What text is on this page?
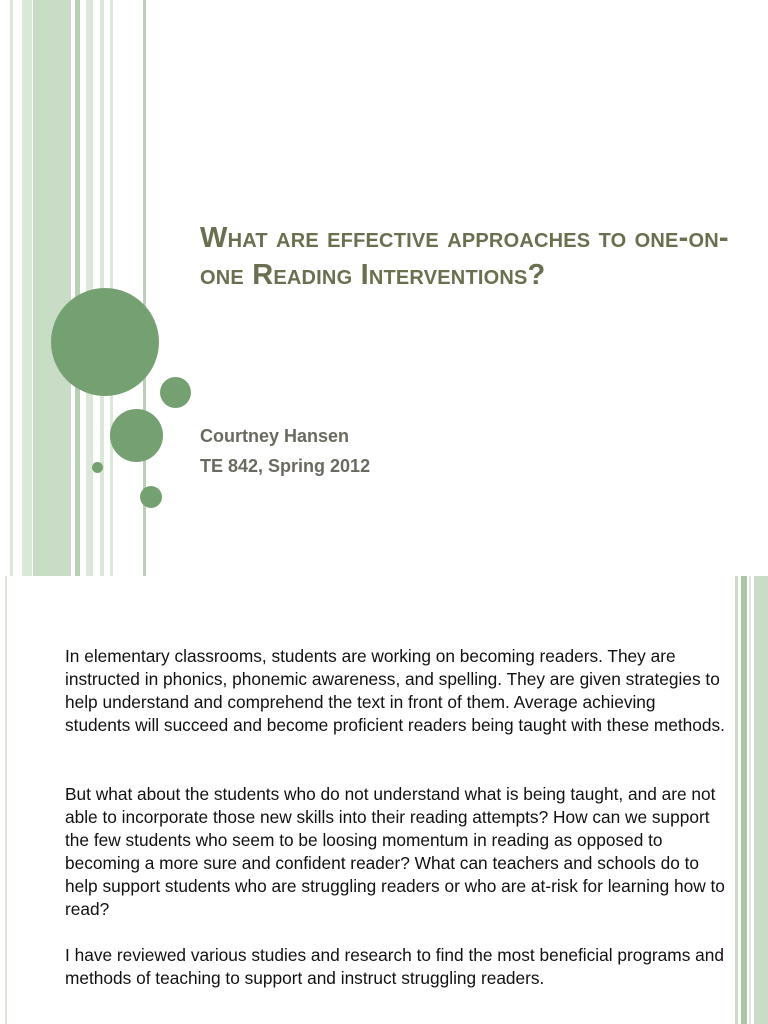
What are effective approaches to one-on-one Reading Interventions?

Courtney Hansen

TE 842, Spring 2012

In elementary classrooms, students are working on becoming readers. They are instructed in phonics, phonemic awareness, and spelling. They are given strategies to help understand and comprehend the text in front of them. Average achieving students will succeed and become proficient readers being taught with these methods.

But what about the students who do not understand what is being taught, and are not able to incorporate those new skills into their reading attempts? How can we support the few students who seem to be loosing momentum in reading as opposed to becoming a more sure and confident reader? What can teachers and schools do to help support students who are struggling readers or who are at-risk for learning how to read?

I have reviewed various studies and research to find the most beneficial programs and methods of teaching to support and instruct struggling readers.
